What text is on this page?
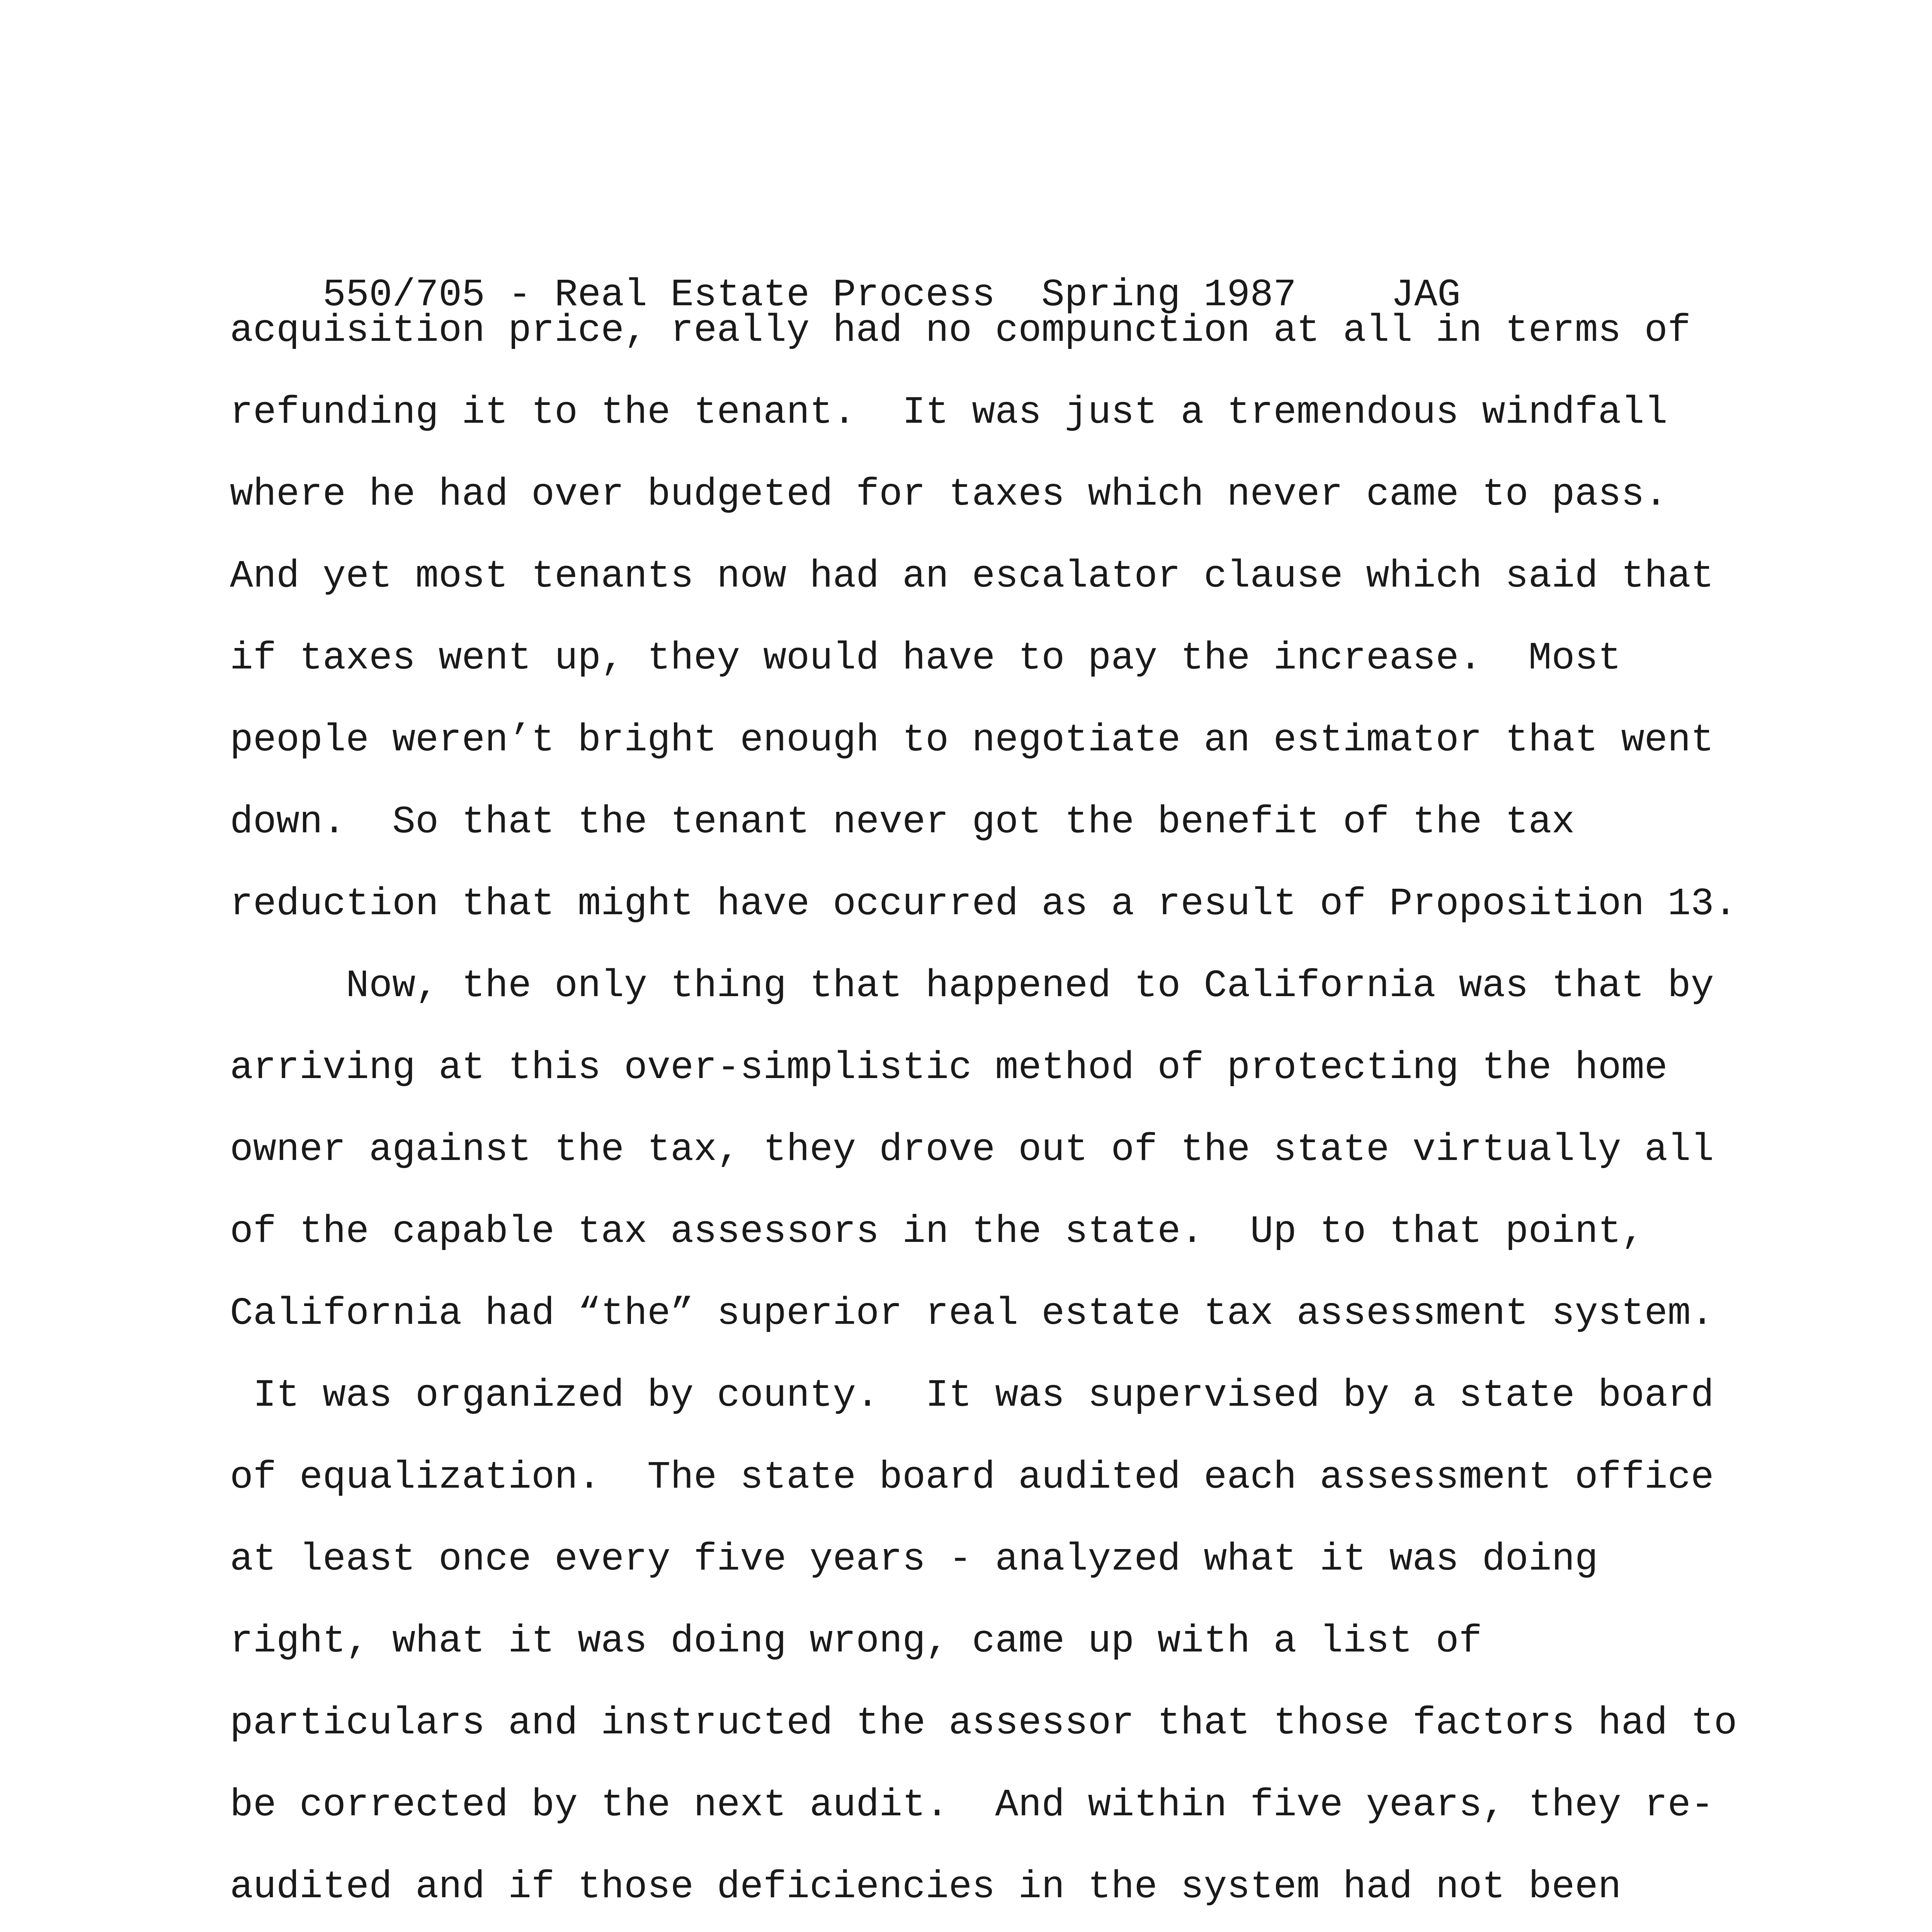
550/705 - Real Estate Process Spring 1987 JAG

acquisition price, really had no compunction at all in terms of

refunding it to the tenant.  It was just a tremendous windfall

where he had over budgeted for taxes which never came to pass.

And yet most tenants now had an escalator clause which said that

if taxes went up, they would have to pay the increase.  Most

people weren’t bright enough to negotiate an estimator that went

down.  So that the tenant never got the benefit of the tax

reduction that might have occurred as a result of Proposition 13.

Now, the only thing that happened to California was that by

arriving at this over-simplistic method of protecting the home

owner against the tax, they drove out of the state virtually all

of the capable tax assessors in the state.  Up to that point,

California had “the” superior real estate tax assessment system.

It was organized by county.  It was supervised by a state board

of equalization.  The state board audited each assessment office

at least once every five years - analyzed what it was doing

right, what it was doing wrong, came up with a list of

particulars and instructed the assessor that those factors had to

be corrected by the next audit.  And within five years, they re-

audited and if those deficiencies in the system had not been
